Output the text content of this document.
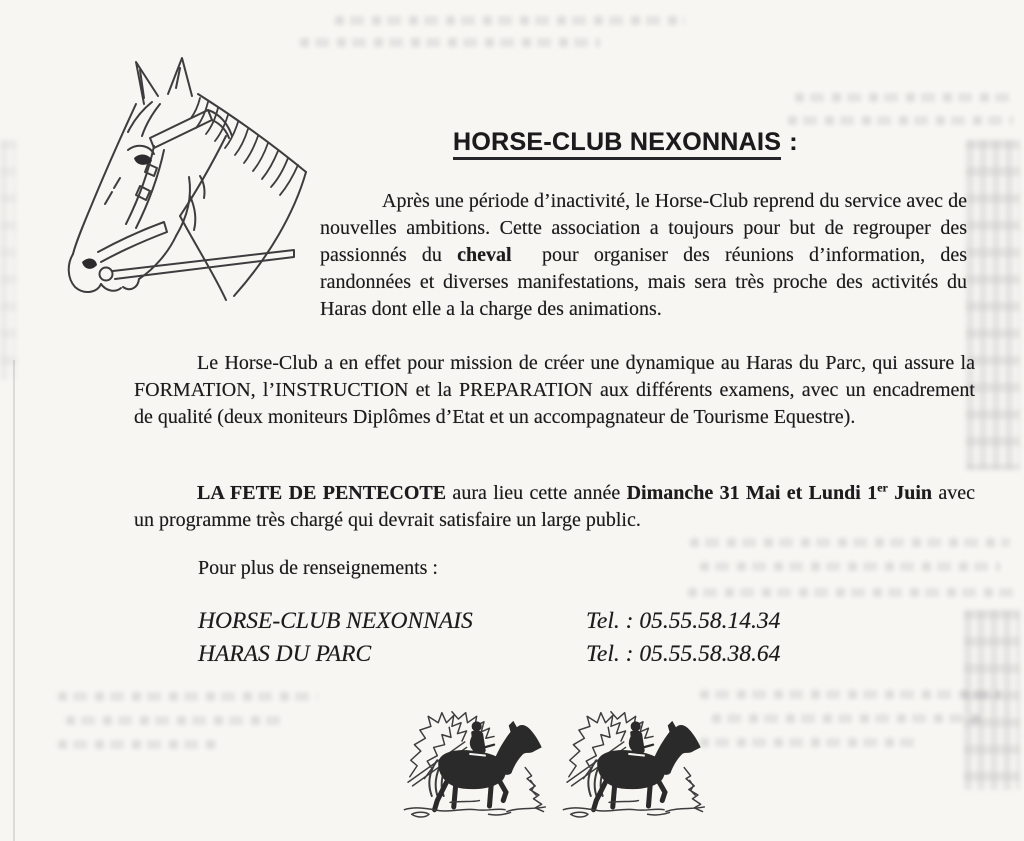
HORSE-CLUB NEXONNAIS :

Après une période d’inactivité, le Horse-Club reprend du service avec de nouvelles ambitions. Cette association a toujours pour but de regrouper des passionnés du cheval  pour organiser des réunions d’information, des randonnées et diverses manifestations, mais sera très proche des activités du Haras dont elle a la charge des animations.

Le Horse-Club a en effet pour mission de créer une dynamique au Haras du Parc, qui assure la FORMATION, l’INSTRUCTION et la PREPARATION aux différents examens, avec un encadrement de qualité (deux moniteurs Diplômes d’Etat et un accompagnateur de Tourisme Equestre).

LA FETE DE PENTECOTE aura lieu cette année Dimanche 31 Mai et Lundi 1er Juin avec un programme très chargé qui devrait satisfaire un large public.

Pour plus de renseignements :
HORSE-CLUB NEXONNAIS	Tel. : 05.55.58.14.34
HARAS DU PARC	Tel. : 05.55.58.38.64
